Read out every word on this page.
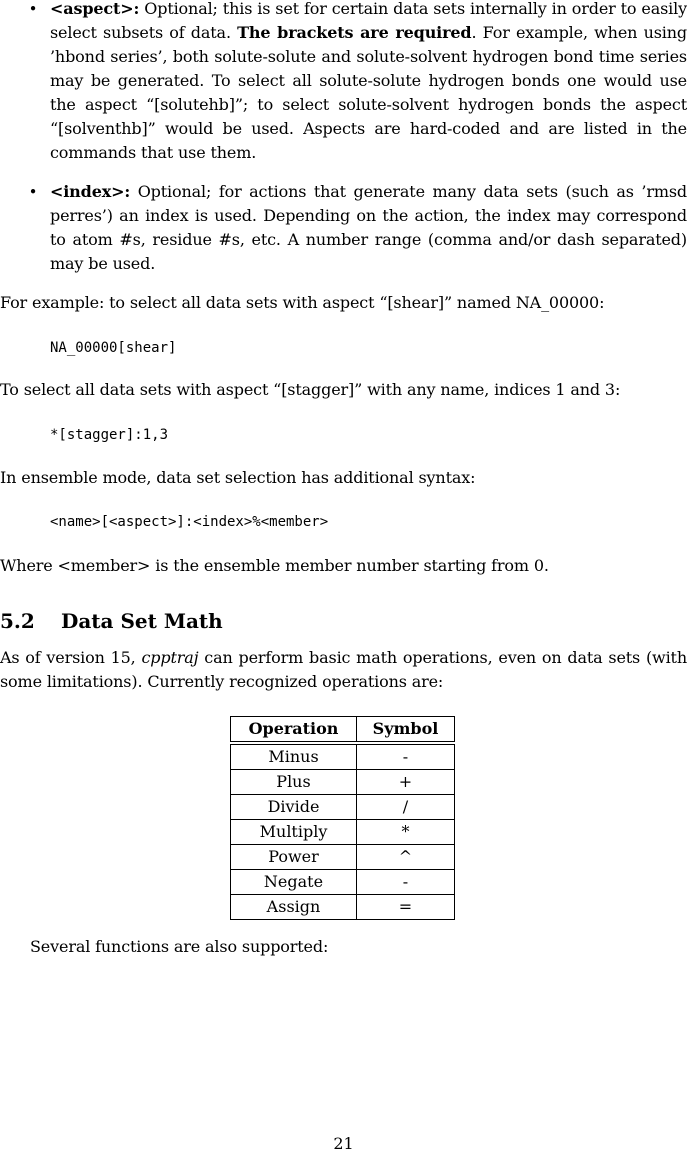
• <aspect>: Optional; this is set for certain data sets internally in order to easily select subsets of data. The brackets are required. For example, when using ’hbond series’, both solute-solute and solute-solvent hydrogen bond time series may be generated. To select all solute-solute hydrogen bonds one would use the aspect “[solutehb]”; to select solute-solvent hydrogen bonds the aspect “[solventhb]” would be used. Aspects are hard-coded and are listed in the commands that use them.
• <index>: Optional; for actions that generate many data sets (such as ’rmsd perres’) an index is used. Depending on the action, the index may correspond to atom #s, residue #s, etc. A number range (comma and/or dash separated) may be used.
For example: to select all data sets with aspect “[shear]” named NA_00000:
NA_00000[shear]
To select all data sets with aspect “[stagger]” with any name, indices 1 and 3:
*[stagger]:1,3
In ensemble mode, data set selection has additional syntax:
<name>[<aspect>]:<index>%<member>
Where <member> is the ensemble member number starting from 0.
5.2 Data Set Math
As of version 15, cpptraj can perform basic math operations, even on data sets (with some limitations). Currently recognized operations are:
Operation	Symbol

Minus	-
Plus	+
Divide	/
Multiply	*
Power	^
Negate	-
Assign	=
Several functions are also supported:
21
